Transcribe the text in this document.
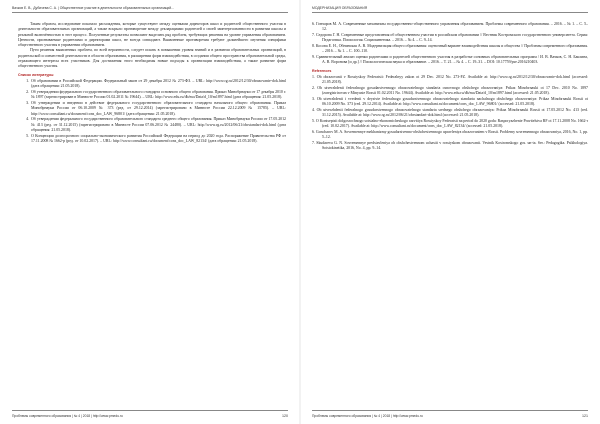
Вачков Е. В., Дубичева С. А. | Общественное участие в деятельности образовательных организаций...

Таким образом, исследование показало расхождения, которые существуют между оценками директоров школ и родителей общественного участия в деятельности образовательных организаций, а также вскрыло противоречие между декларациями родителей о своей заинтересованности в развитии школы и реальной включённостью в этот процесс. Полученные результаты позволяют выделить ряд проблем, требующих решения на уровне управления образованием. Ценности, признаваемые родителями и директорами школ, не всегда совпадают. Выявленные противоречия требуют дальнейшего изучения специфики общественного участия в управлении образованием.

Пути решения выявленных проблем, по всей вероятности, следует искать в повышении уровня знаний и в развитии образовательных организаций, в родительской и совместной деятельности в области образования, в расширении форм взаимодействия, в создании общего пространства образовательной среды, отражающего интересы всех участников. Для достижения этого необходимы новые подходы к организации взаимодействия, а также развитие форм общественного участия.

Список литературы
1. Об образовании в Российской Федерации. Федеральный закон от 29 декабря 2012 № 273-ФЗ. – URL: http://www.rg.ru/2012/12/30/obrazovanie-dok.html (дата обращения: 21.05.2018).
2. Об утверждении федерального государственного образовательного стандарта основного общего образования. Приказ Минобрнауки от 17 декабря 2010 г. № 1897 (зарегистрирован в Минюсте России 01.02.2011 № 19644). – URL: http://www.edu.ru/db/mo/Data/d_10/m1897.html (дата обращения: 21.05.2018).
3. Об утверждении и введении в действие федерального государственного образовательного стандарта начального общего образования. Приказ Минобрнауки России от 06.10.2009 № 373 (ред. от 29.12.2014) (зарегистрировано в Минюсте России 22.12.2009 № 15785). – URL: http://www.consultant.ru/document/cons_doc_LAW_96801/ (дата обращения: 21.05.2018).
4. Об утверждении федерального государственного образовательного стандарта среднего общего образования. Приказ Минобрнауки России от 17.05.2012 № 413 (ред. от 31.12.2015) (зарегистрировано в Минюсте России 07.06.2012 № 24480). – URL: http://www.rg.ru/2012/06/21/obrstandart-dok.html (дата обращения: 21.05.2018).
5. О Концепции долгосрочного социально-экономического развития Российской Федерации на период до 2020 года. Распоряжение Правительства РФ от 17.11.2008 № 1662-р (ред. от 10.02.2017). – URL: http://www.consultant.ru/document/cons_doc_LAW_82134/ (дата обращения: 21.05.2018).
Проблемы современного образования | № 4 | 2018 | http://www.pmedu.ru	120
МОДЕРНИЗАЦИЯ ОБРАЗОВАНИЯ
6. Гончаров М. А. Современные механизмы государственно-общественного управления образованием. Проблемы современного образования. – 2016. – № 1. – С. 5–12.
7. Седорова Г. Н. Современные представления об общественном участии в российском образовании // Вестник Костромского государственного университета. Серия: Педагогика. Психология. Социокинетика. – 2016. – № 4. – С. 9–14.
8. Косова Е. Н., Обнинская А. В. Модернизация общего образования: оценочный вариант взаимодействия школы и общества // Проблемы современного образования. – 2016. – № 1. – С. 100–110.
9. Сравнительный анализ оценки родителями и родителей общественного участия в разработке основных образовательных программ / И. В. Вачков, С. Н. Баклина, А. В. Воронова [и др.] // Психологическая наука и образование. – 2016. – Т. 21. – № 4. – С. 19–31. – DOI: 10.17759/pse.2016210403.
References
1. Ob obrazovanii v Rossiyskoy Federatsii: Federalnyy zakon ot 29 Dec. 2012 No. 273-FZ. Available at: http://www.rg.ru/2012/12/30/obrazovanie-dok.html (accessed: 21.05.2018).
2. Ob utverzhdenii federalnogo gosudarstvennogo obrazovatelnogo standarta osnovnogo obshchego obrazovaniya: Prikaz Minobrnauki ot 17 Dec. 2010 No. 1897 (zaregistrirovan v Minyuste Rossii 01.02.2011 No. 19644). Available at: http://www.edu.ru/db/mo/Data/d_10/m1897.html (accessed: 21.05.2018).
3. Ob utverzhdenii i vvedenii v deystvie federalnogo gosudarstvennogo obrazovatelnogo standarta nachalnogo obshchego obrazovaniya: Prikaz Minobrnauki Rossii ot 06.10.2009 No. 373 (red. 29.12.2014). Available at: http://www.consultant.ru/document/cons_doc_LAW_96801/ (accessed: 21.05.2018).
4. Ob utverzhdenii federalnogo gosudarstvennogo obrazovatelnogo standarta srednego obshchego obrazovaniya: Prikaz Minobrnauki Rossii ot 17.05.2012 No. 413 (red. 31.12.2015). Available at: http://www.rg.ru/2012/06/21/obrstandart-dok.html (accessed: 21.05.2018).
5. O Kontseptsii dolgosrochnogo sotsialno-ekonomicheskogo razvitiya Rossiyskoy Federatsii na period do 2020 goda: Rasporyazhenie Pravitelstva RF ot 17.11.2008 No. 1662-r (red. 10.02.2017). Available at: http://www.consultant.ru/document/cons_doc_LAW_82134/ (accessed: 21.05.2018).
6. Goncharov M. A. Sovremennye mekhanizmy gosudarstvenno-obshchestvennogo upravleniya obrazovaniem v Rossii. Problemy sovremennogo obrazovaniya, 2016, No. 1, pp. 5–12.
7. Skudareva G. N. Sovremennye predstavleniya ob obshchestvennom uchastii v rossiyskom obrazovanii. Vestnik Kostromskogo gos. un-ta. Ser.: Pedagogika. Psikhologiya. Sotsiokinetika, 2016, No. 4, pp. 9–14.
Проблемы современного образования | № 4 | 2018 | http://www.pmedu.ru	121
